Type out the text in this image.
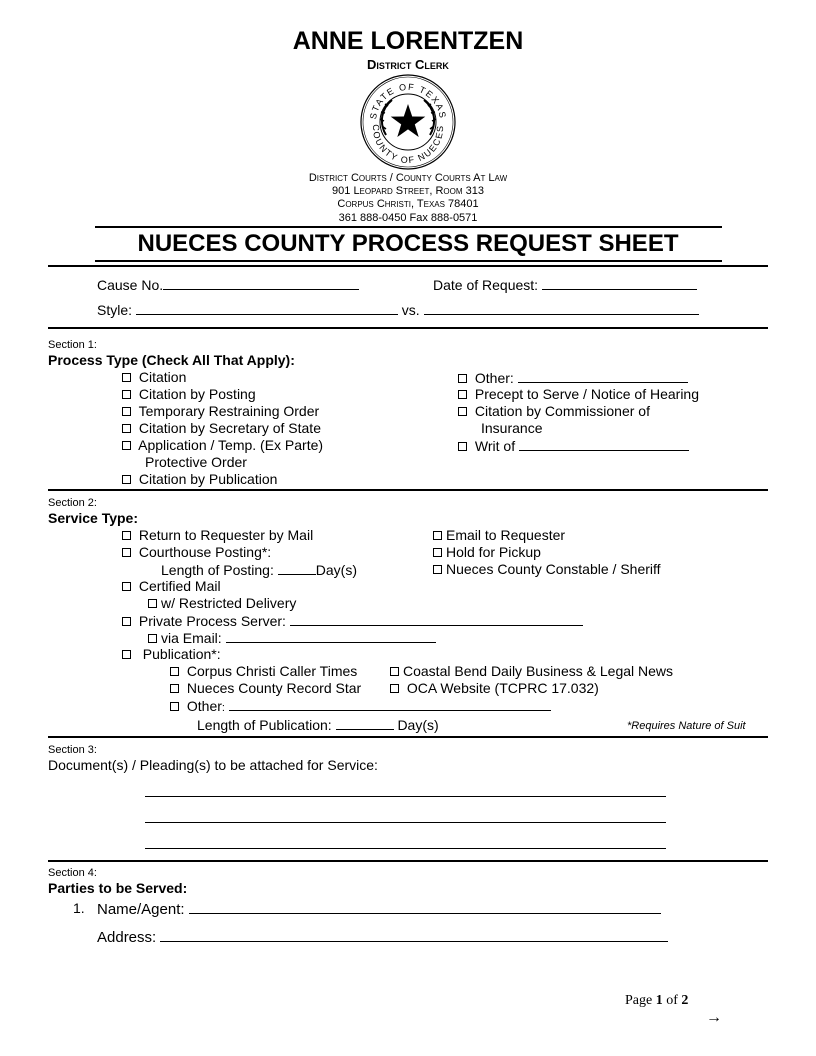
ANNE LORENTZEN
District Clerk
STATE OF TEXAS
COUNTY OF NUECES
District Courts / County Courts At Law
901 Leopard Street, Room 313
Corpus Christi, Texas 78401
361 888-0450 Fax 888-0571
NUECES COUNTY PROCESS REQUEST SHEET
Cause No.	Date of Request:
Style:	vs.
Section 1:
Process Type (Check All That Apply):
Citation
Citation by Posting
Temporary Restraining Order
Citation by Secretary of State
Application / Temp. (Ex Parte)
Protective Order
Citation by Publication
Other:
Precept to Serve / Notice of Hearing
Citation by Commissioner of
Insurance
Writ of
Section 2:
Service Type:
Return to Requester by Mail
Courthouse Posting*:
Length of Posting:	Day(s)
Certified Mail
w/ Restricted Delivery
Private Process Server:
via Email:
Publication*:
Corpus Christi Caller Times	Coastal Bend Daily Business & Legal News
Nueces County Record Star	OCA Website (TCPRC 17.032)
Other:
Length of Publication:	Day(s)	*Requires Nature of Suit
Email to Requester
Hold for Pickup
Nueces County Constable / Sheriff
Section 3:
Document(s) / Pleading(s) to be attached for Service:
Section 4:
Parties to be Served:
1. Name/Agent:
Address:
Page 1 of 2
→
